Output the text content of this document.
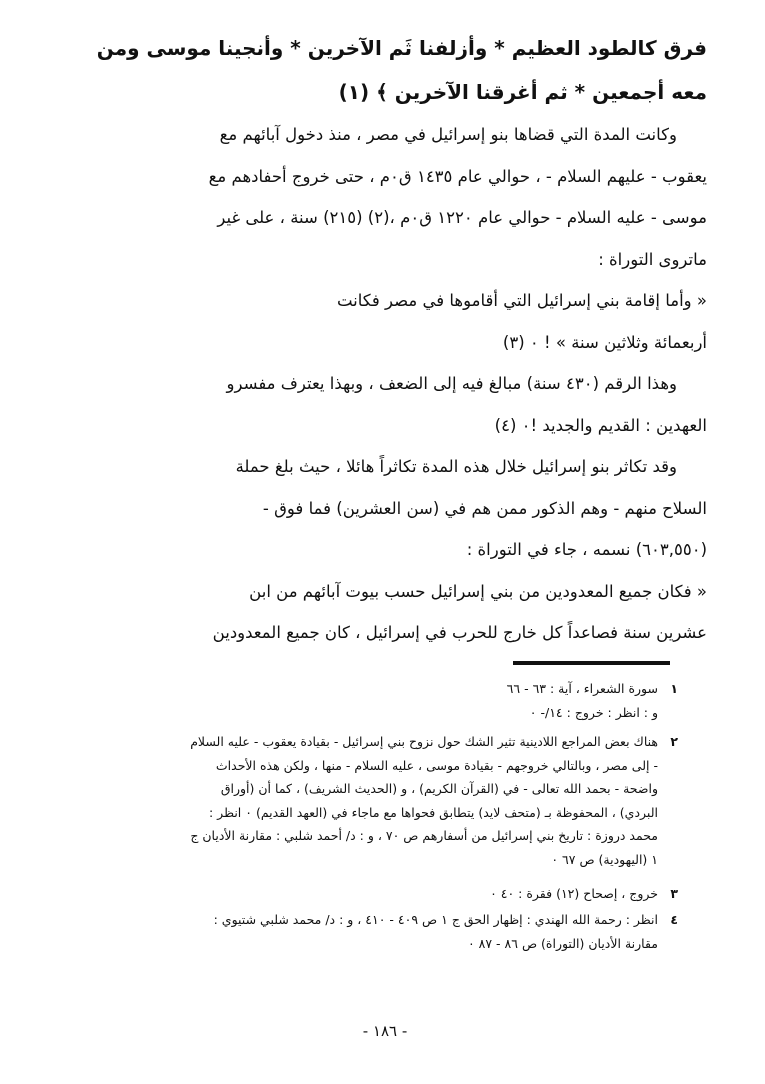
فرق كالطود العظيم * وأزلفنا ثَم الآخرين * وأنجينا موسى ومن
معه أجمعين * ثم أغرقنا الآخرين ﴾ (١)
وكانت المدة التي قضاها بنو إسرائيل في مصر ، منذ دخول آبائهم مع
يعقوب - عليهم السلام - ، حوالي عام ١٤٣٥ ق٠م ، حتى خروج أحفادهم مع
موسى - عليه السلام - حوالي عام ١٢٢٠ ق٠م ،(٢) (٢١٥) سنة ، على غير
ماتروى التوراة :
« وأما إقامة بني إسرائيل التي أقاموها في مصر فكانت
أربعمائة وثلاثين سنة » ! ٠ (٣)
وهذا الرقم (٤٣٠ سنة) مبالغ فيه إلى الضعف ، وبهذا يعترف مفسرو
العهدين : القديم والجديد !٠ (٤)
وقد تكاثر بنو إسرائيل خلال هذه المدة تكاثراً هائلا ، حيث بلغ حملة
السلاح منهم - وهم الذكور ممن هم في (سن العشرين) فما فوق -
(٦٠٣,٥٥٠) نسمه ، جاء في التوراة :
« فكان جميع المعدودين من بني إسرائيل حسب بيوت آبائهم من ابن
عشرين سنة فصاعداً كل خارج للحرب في إسرائيل ، كان جميع المعدودين
١
سورة الشعراء ، آية : ٦٣ - ٦٦
و : انظر : خروج : ١٤/- ٠
٢
هناك بعض المراجع اللادينية تثير الشك حول نزوح بني إسرائيل - بقيادة يعقوب - عليه السلام
- إلى مصر ، وبالتالي خروجهم - بقيادة موسى ، عليه السلام - منها ، ولكن هذه الأحداث
واضحة - بحمد الله تعالى - في (القرآن الكريم) ، و (الحديث الشريف) ، كما أن (أوراق
البردي) ، المحفوظة بـ (متحف لايد) يتطابق فحواها مع ماجاء في (العهد القديم) ٠ انظر :
محمد دروزة : تاريخ بني إسرائيل من أسفارهم ص ٧٠ ، و : د/ أحمد شلبي : مقارنة الأديان ج
١ (اليهودية) ص ٦٧ ٠
٣
خروج ، إصحاح (١٢) فقرة : ٤٠ ٠
٤
انظر : رحمة الله الهندي : إظهار الحق ج ١ ص ٤٠٩ - ٤١٠ ، و : د/ محمد شلبي شتيوي :
مقارنة الأديان (التوراة) ص ٨٦ - ٨٧ ٠
- ١٨٦ -
